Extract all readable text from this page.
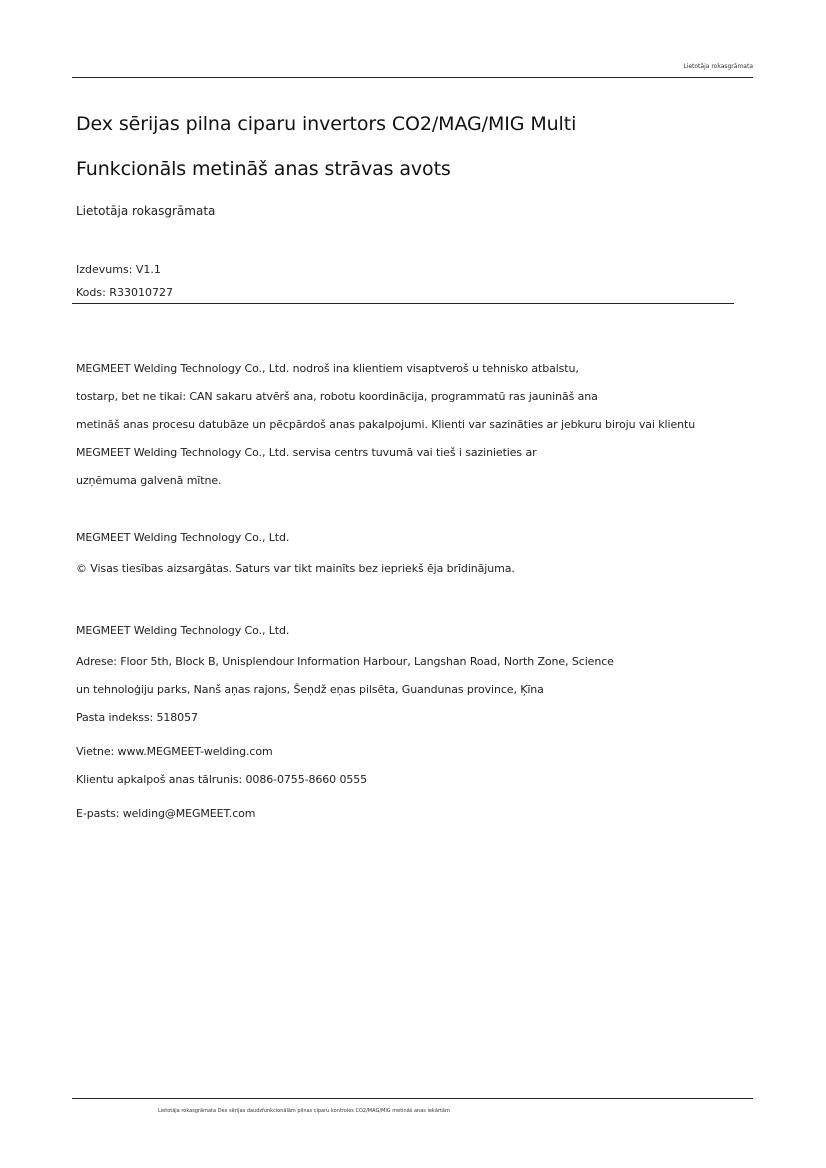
Lietotāja rokasgrāmata
Dex sērijas pilna ciparu invertors CO2/MAG/MIG Multi
Funkcionāls metināš anas strāvas avots
Lietotāja rokasgrāmata
Izdevums: V1.1
Kods: R33010727
MEGMEET Welding Technology Co., Ltd. nodroš ina klientiem visaptveroš u tehnisko atbalstu,
tostarp, bet ne tikai: CAN sakaru atvērš ana, robotu koordinācija, programmatū ras jaunināš ana
metināš anas procesu datubāze un pēcpārdoš anas pakalpojumi. Klienti var sazināties ar jebkuru biroju vai klientu
MEGMEET Welding Technology Co., Ltd. servisa centrs tuvumā vai tieš i sazinieties ar
uzņēmuma galvenā mītne.
MEGMEET Welding Technology Co., Ltd.
© Visas tiesības aizsargātas. Saturs var tikt mainīts bez iepriekš ēja brīdinājuma.
MEGMEET Welding Technology Co., Ltd.
Adrese: Floor 5th, Block B, Unisplendour Information Harbour, Langshan Road, North Zone, Science
un tehnoloģiju parks, Nanš aņas rajons, Šeņdž eņas pilsēta, Guandunas province, Ķīna
Pasta indekss: 518057
Vietne: www.MEGMEET-welding.com
Klientu apkalpoš anas tālrunis: 0086-0755-8660 0555
E-pasts: welding@MEGMEET.com
Lietotāja rokasgrāmata Dex sērijas daudzfunkcionālām pilnas ciparu kontroles CO2/MAG/MIG metināš anas iekārtām
